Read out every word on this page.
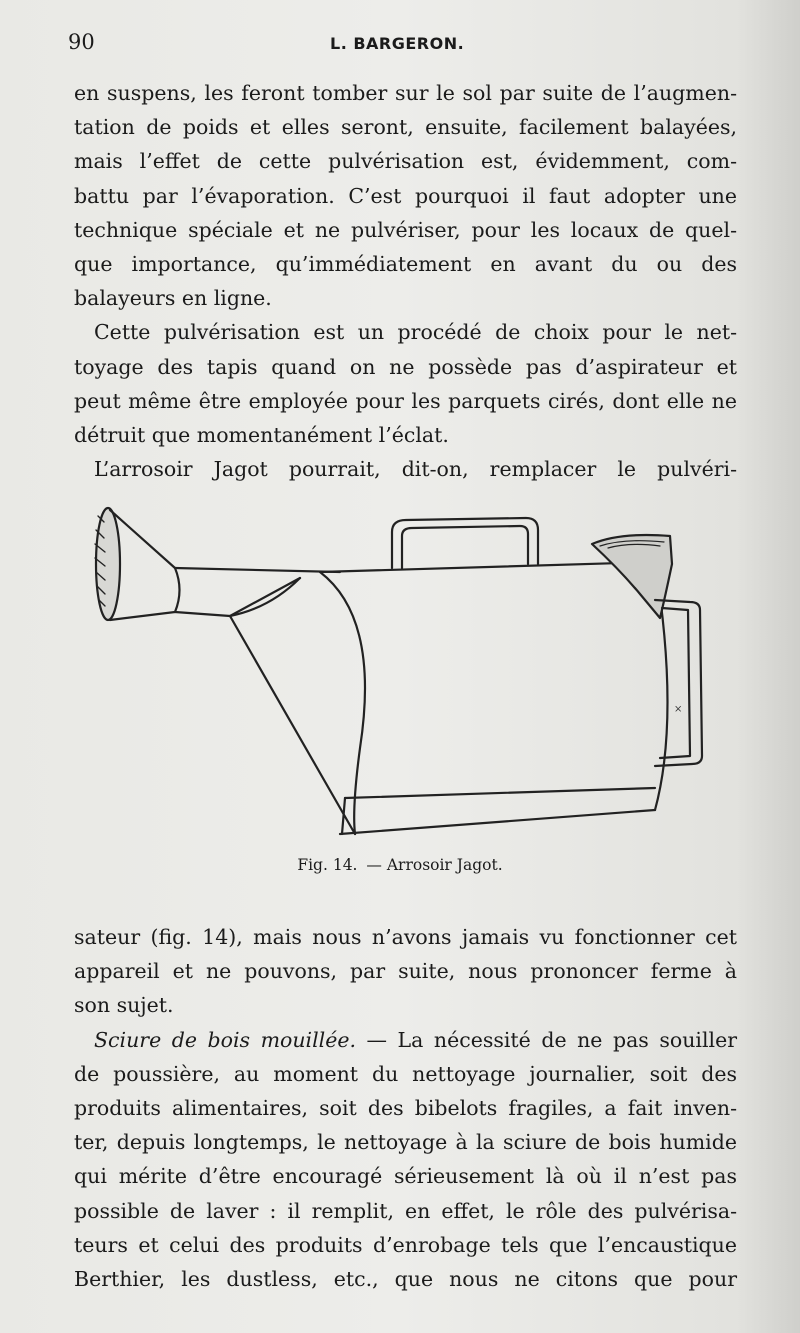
90	L. BARGERON.
en suspens, les feront tomber sur le sol par suite de l’augmen-
tation de poids et elles seront, ensuite, facilement balayées,
mais l’effet de cette pulvérisation est, évidemment, com-
battu par l’évaporation. C’est pourquoi il faut adopter une
technique spéciale et ne pulvériser, pour les locaux de quel-
que importance, qu’immédiatement en avant du ou des
balayeurs en ligne.
Cette pulvérisation est un procédé de choix pour le net-
toyage des tapis quand on ne possède pas d’aspirateur et
peut même être employée pour les parquets cirés, dont elle ne
détruit que momentanément l’éclat.
L’arrosoir Jagot pourrait, dit-on, remplacer le pulvéri-
×
Fig. 14. — Arrosoir Jagot.
sateur (fig. 14), mais nous n’avons jamais vu fonctionner cet
appareil et ne pouvons, par suite, nous prononcer ferme à
son sujet.
Sciure de bois mouillée. — La nécessité de ne pas souiller
de poussière, au moment du nettoyage journalier, soit des
produits alimentaires, soit des bibelots fragiles, a fait inven-
ter, depuis longtemps, le nettoyage à la sciure de bois humide
qui mérite d’être encouragé sérieusement là où il n’est pas
possible de laver : il remplit, en effet, le rôle des pulvérisa-
teurs et celui des produits d’enrobage tels que l’encaustique
Berthier, les dustless, etc., que nous ne citons que pour
